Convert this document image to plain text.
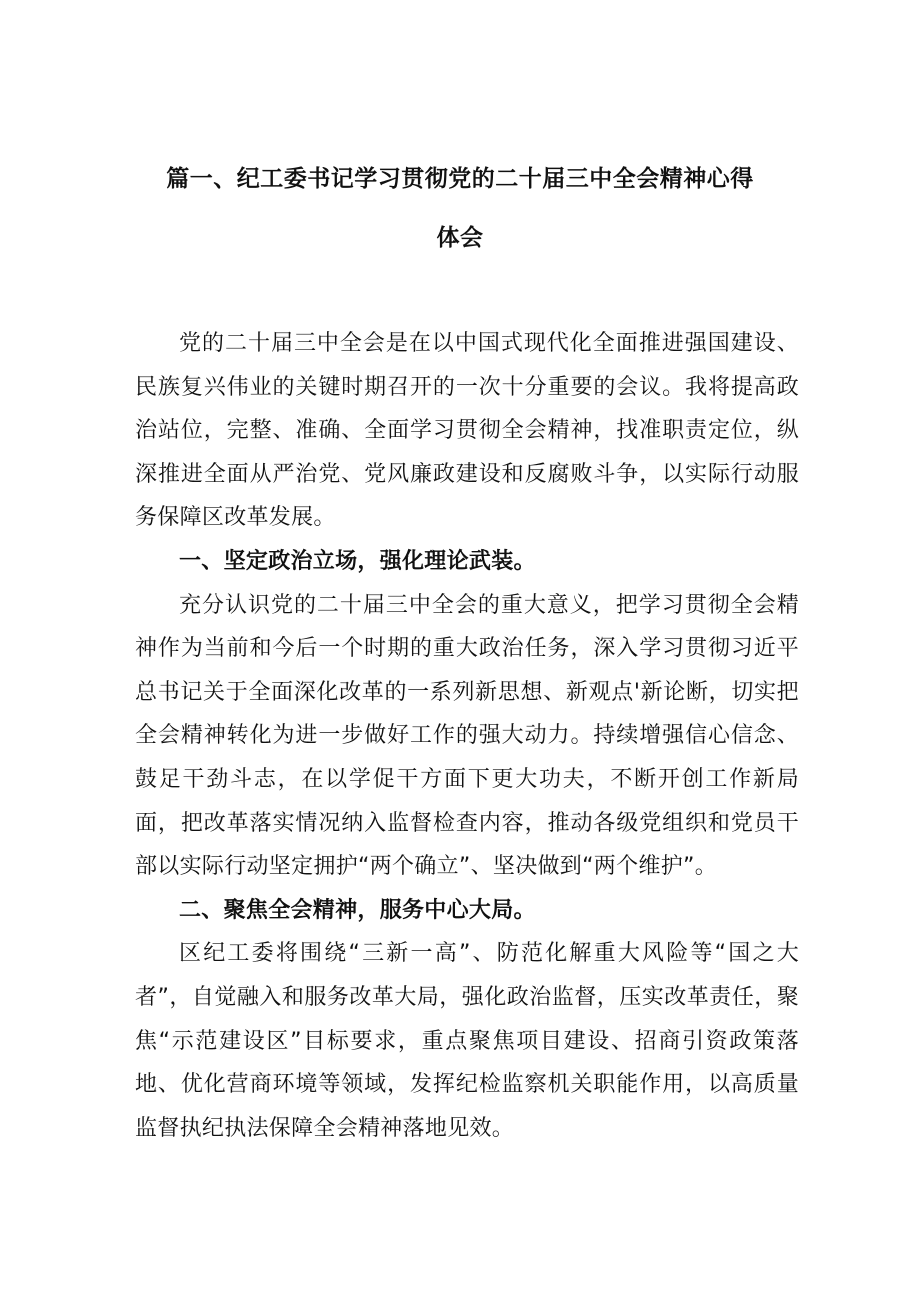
篇一、纪工委书记学习贯彻党的二十届三中全会精神心得
体会

党的二十届三中全会是在以中国式现代化全面推进强国建设、民族复兴伟业的关键时期召开的一次十分重要的会议。我将提高政治站位，完整、准确、全面学习贯彻全会精神，找准职责定位，纵深推进全面从严治党、党风廉政建设和反腐败斗争，以实际行动服务保障区改革发展。

一、坚定政治立场，强化理论武装。

充分认识党的二十届三中全会的重大意义，把学习贯彻全会精神作为当前和今后一个时期的重大政治任务，深入学习贯彻习近平总书记关于全面深化改革的一系列新思想、新观点'新论断，切实把全会精神转化为进一步做好工作的强大动力。持续增强信心信念、鼓足干劲斗志，在以学促干方面下更大功夫，不断开创工作新局面，把改革落实情况纳入监督检查内容，推动各级党组织和党员干部以实际行动坚定拥护“两个确立”、坚决做到“两个维护”。

二、聚焦全会精神，服务中心大局。

区纪工委将围绕“三新一高”、防范化解重大风险等“国之大者”，自觉融入和服务改革大局，强化政治监督，压实改革责任，聚焦“示范建设区”目标要求，重点聚焦项目建设、招商引资政策落地、优化营商环境等领域，发挥纪检监察机关职能作用，以高质量监督执纪执法保障全会精神落地见效。
